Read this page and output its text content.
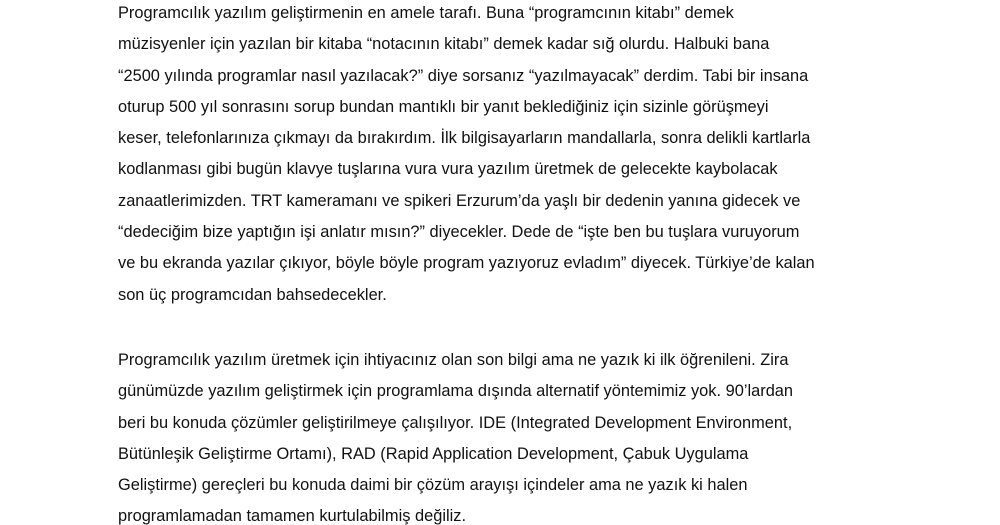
Programcılık yazılım geliştirmenin en amele tarafı. Buna “programcının kitabı” demek
müzisyenler için yazılan bir kitaba “notacının kitabı” demek kadar sığ olurdu. Halbuki bana
“2500 yılında programlar nasıl yazılacak?” diye sorsanız “yazılmayacak” derdim. Tabi bir insana
oturup 500 yıl sonrasını sorup bundan mantıklı bir yanıt beklediğiniz için sizinle görüşmeyi
keser, telefonlarınıza çıkmayı da bırakırdım. İlk bilgisayarların mandallarla, sonra delikli kartlarla
kodlanması gibi bugün klavye tuşlarına vura vura yazılım üretmek de gelecekte kaybolacak
zanaatlerimizden. TRT kameramanı ve spikeri Erzurum’da yaşlı bir dedenin yanına gidecek ve
“dedeciğim bize yaptığın işi anlatır mısın?” diyecekler. Dede de “işte ben bu tuşlara vuruyorum
ve bu ekranda yazılar çıkıyor, böyle böyle program yazıyoruz evladım” diyecek. Türkiye’de kalan
son üç programcıdan bahsedecekler.
Programcılık yazılım üretmek için ihtiyacınız olan son bilgi ama ne yazık ki ilk öğrenileni. Zira
günümüzde yazılım geliştirmek için programlama dışında alternatif yöntemimiz yok. 90’lardan
beri bu konuda çözümler geliştirilmeye çalışılıyor. IDE (Integrated Development Environment,
Bütünleşik Geliştirme Ortamı), RAD (Rapid Application Development, Çabuk Uygulama
Geliştirme) gereçleri bu konuda daimi bir çözüm arayışı içindeler ama ne yazık ki halen
programlamadan tamamen kurtulabilmiş değiliz.
